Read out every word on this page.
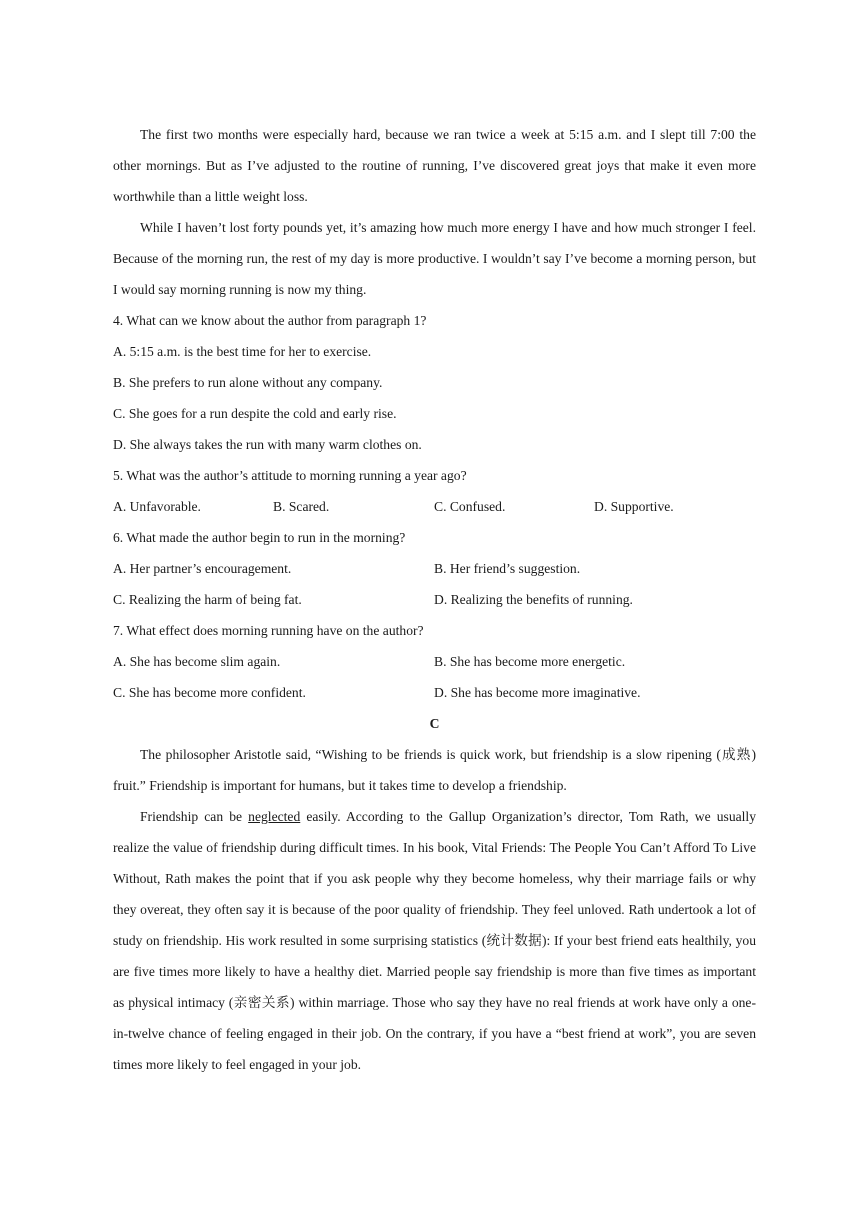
The first two months were especially hard, because we ran twice a week at 5:15 a.m. and I slept till 7:00 the other mornings. But as I’ve adjusted to the routine of running, I’ve discovered great joys that make it even more worthwhile than a little weight loss.

While I haven’t lost forty pounds yet, it’s amazing how much more energy I have and how much stronger I feel. Because of the morning run, the rest of my day is more productive. I wouldn’t say I’ve become a morning person, but I would say morning running is now my thing.

4. What can we know about the author from paragraph 1?

A. 5:15 a.m. is the best time for her to exercise.

B. She prefers to run alone without any company.

C. She goes for a run despite the cold and early rise.

D. She always takes the run with many warm clothes on.

5. What was the author’s attitude to morning running a year ago?

A. Unfavorable.	B. Scared.	C. Confused.	D. Supportive.

6. What made the author begin to run in the morning?

A. Her partner’s encouragement.	B. Her friend’s suggestion.
C. Realizing the harm of being fat.	D. Realizing the benefits of running.

7. What effect does morning running have on the author?

A. She has become slim again.	B. She has become more energetic.
C. She has become more confident.	D. She has become more imaginative.

C

The philosopher Aristotle said, “Wishing to be friends is quick work, but friendship is a slow ripening (成熟) fruit.” Friendship is important for humans, but it takes time to develop a friendship.

Friendship can be neglected easily. According to the Gallup Organization’s director, Tom Rath, we usually realize the value of friendship during difficult times. In his book, Vital Friends: The People You Can’t Afford To Live Without, Rath makes the point that if you ask people why they become homeless, why their marriage fails or why they overeat, they often say it is because of the poor quality of friendship. They feel unloved. Rath undertook a lot of study on friendship. His work resulted in some surprising statistics (统计数据): If your best friend eats healthily, you are five times more likely to have a healthy diet. Married people say friendship is more than five times as important as physical intimacy (亲密关系) within marriage. Those who say they have no real friends at work have only a one-in-twelve chance of feeling engaged in their job. On the contrary, if you have a “best friend at work”, you are seven times more likely to feel engaged in your job.
